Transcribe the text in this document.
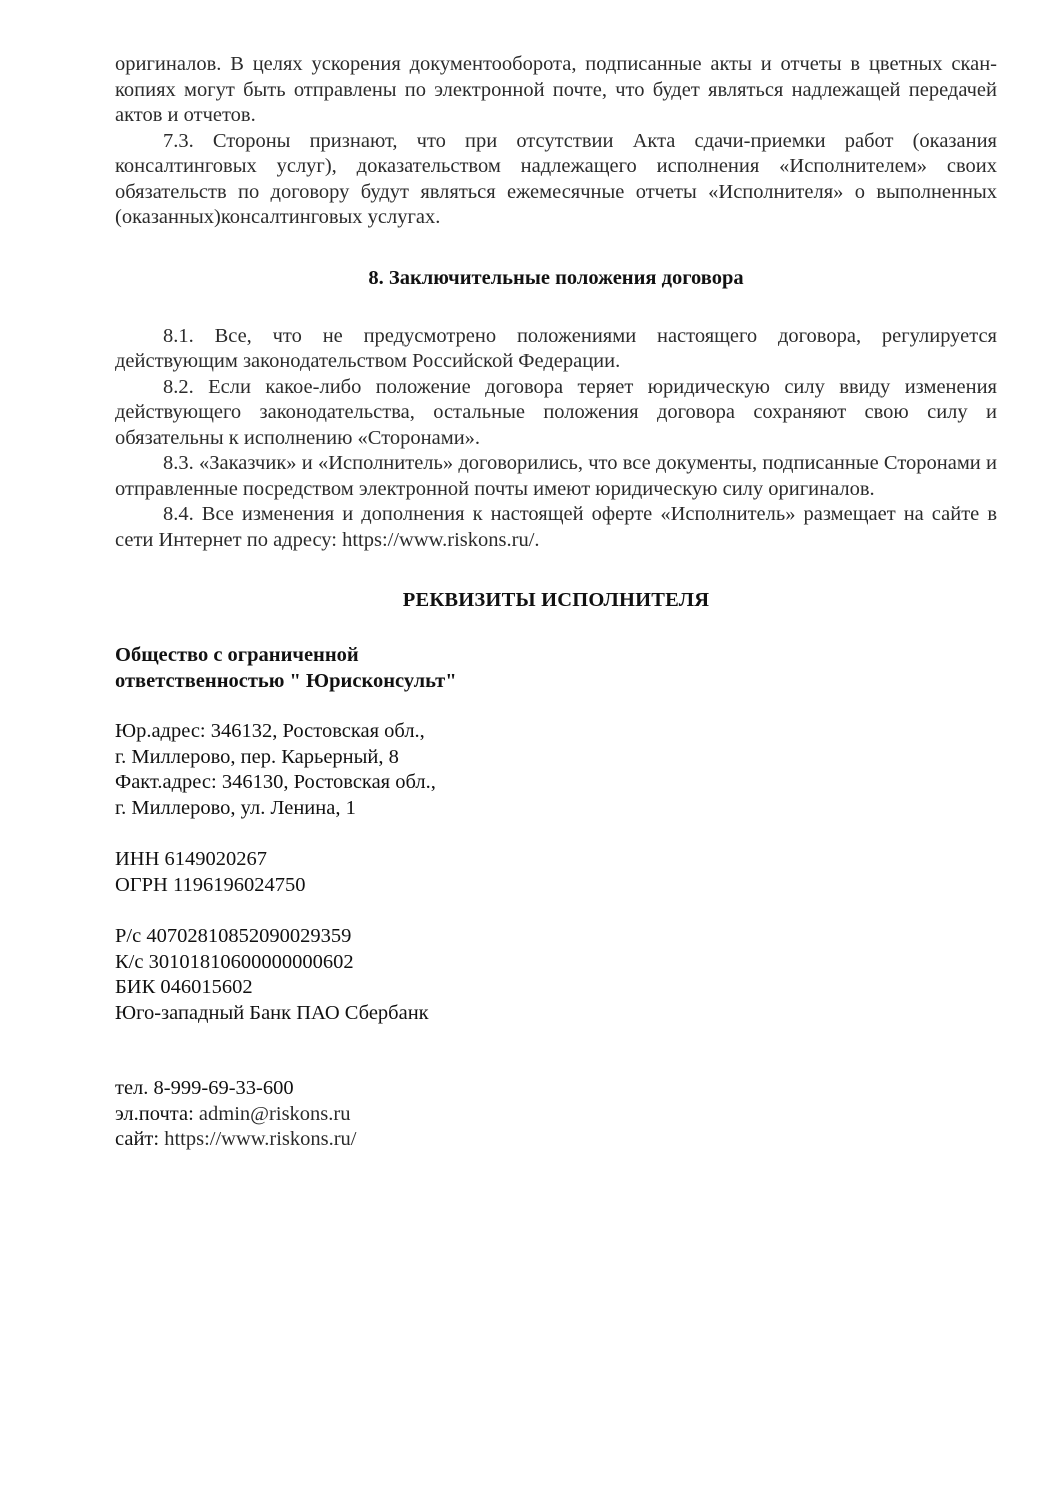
оригиналов. В целях ускорения документооборота, подписанные акты и отчеты в цветных скан-копиях могут быть отправлены по электронной почте, что будет являться надлежащей передачей актов и отчетов.

7.3. Стороны признают, что при отсутствии Акта сдачи-приемки работ (оказания консалтинговых услуг), доказательством надлежащего исполнения «Исполнителем» своих обязательств по договору будут являться ежемесячные отчеты «Исполнителя» о выполненных (оказанных)консалтинговых услугах.

8. Заключительные положения договора

8.1. Все, что не предусмотрено положениями настоящего договора, регулируется действующим законодательством Российской Федерации.

8.2. Если какое-либо положение договора теряет юридическую силу ввиду изменения действующего законодательства, остальные положения договора сохраняют свою силу и обязательны к исполнению «Сторонами».

8.3. «Заказчик» и «Исполнитель» договорились, что все документы, подписанные Сторонами и отправленные посредством электронной почты имеют юридическую силу оригиналов.

8.4. Все изменения и дополнения к настоящей оферте «Исполнитель» размещает на сайте в сети Интернет по адресу: https://www.riskons.ru/.

РЕКВИЗИТЫ ИСПОЛНИТЕЛЯ
Общество с ограниченной
ответственностью " Юрисконсульт"
Юр.адрес: 346132, Ростовская обл.,
г. Миллерово, пер. Карьерный, 8
Факт.адрес: 346130, Ростовская обл.,
г. Миллерово, ул. Ленина, 1
ИНН 6149020267
ОГРН 1196196024750
Р/с 40702810852090029359
К/с 30101810600000000602
БИК 046015602
Юго-западный Банк ПАО Сбербанк
тел. 8-999-69-33-600
эл.почта: admin@riskons.ru
сайт: https://www.riskons.ru/
